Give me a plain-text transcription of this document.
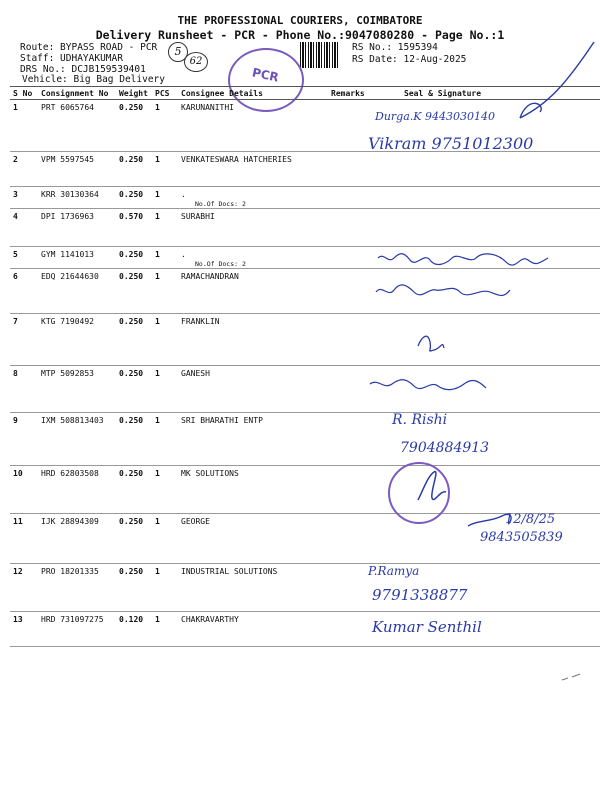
THE PROFESSIONAL COURIERS, COIMBATORE
Delivery Runsheet - PCR - Phone No.:9047080280 - Page No.:1
Route: BYPASS ROAD - PCR
Staff: UDHAYAKUMAR
DRS No.: DCJB159539401
Vehicle: Big Bag Delivery
RS No.: 1595394
RS Date: 12-Aug-2025
5
62
PCR
S No	Consignment No	Weight	PCS	Consignee Details	Remarks	Seal & Signature
1	PRT 6065764	0.250	1	KARUNANITHI		
2	VPM 5597545	0.250	1	VENKATESWARA HATCHERIES		
3	KRR 30130364	0.250	1	.
No.Of Docs: 2		

4	DPI 1736963	0.570	1	SURABHI		
5	GYM 1141013	0.250	1	.
No.Of Docs: 2		

6	EDQ 21644630	0.250	1	RAMACHANDRAN		
7	KTG 7190492	0.250	1	FRANKLIN		
8	MTP 5092853	0.250	1	GANESH		
9	IXM 508813403	0.250	1	SRI BHARATHI ENTP		
10	HRD 62803508	0.250	1	MK SOLUTIONS		
11	IJK 28894309	0.250	1	GEORGE		
12	PRO 18201335	0.250	1	INDUSTRIAL SOLUTIONS		
13	HRD 731097275	0.120	1	CHAKRAVARTHY		
Durga.K 9443030140
Vikram 9751012300
R. Rishi
7904884913
12/8/25
9843505839
P.Ramya
9791338877
Kumar Senthil
